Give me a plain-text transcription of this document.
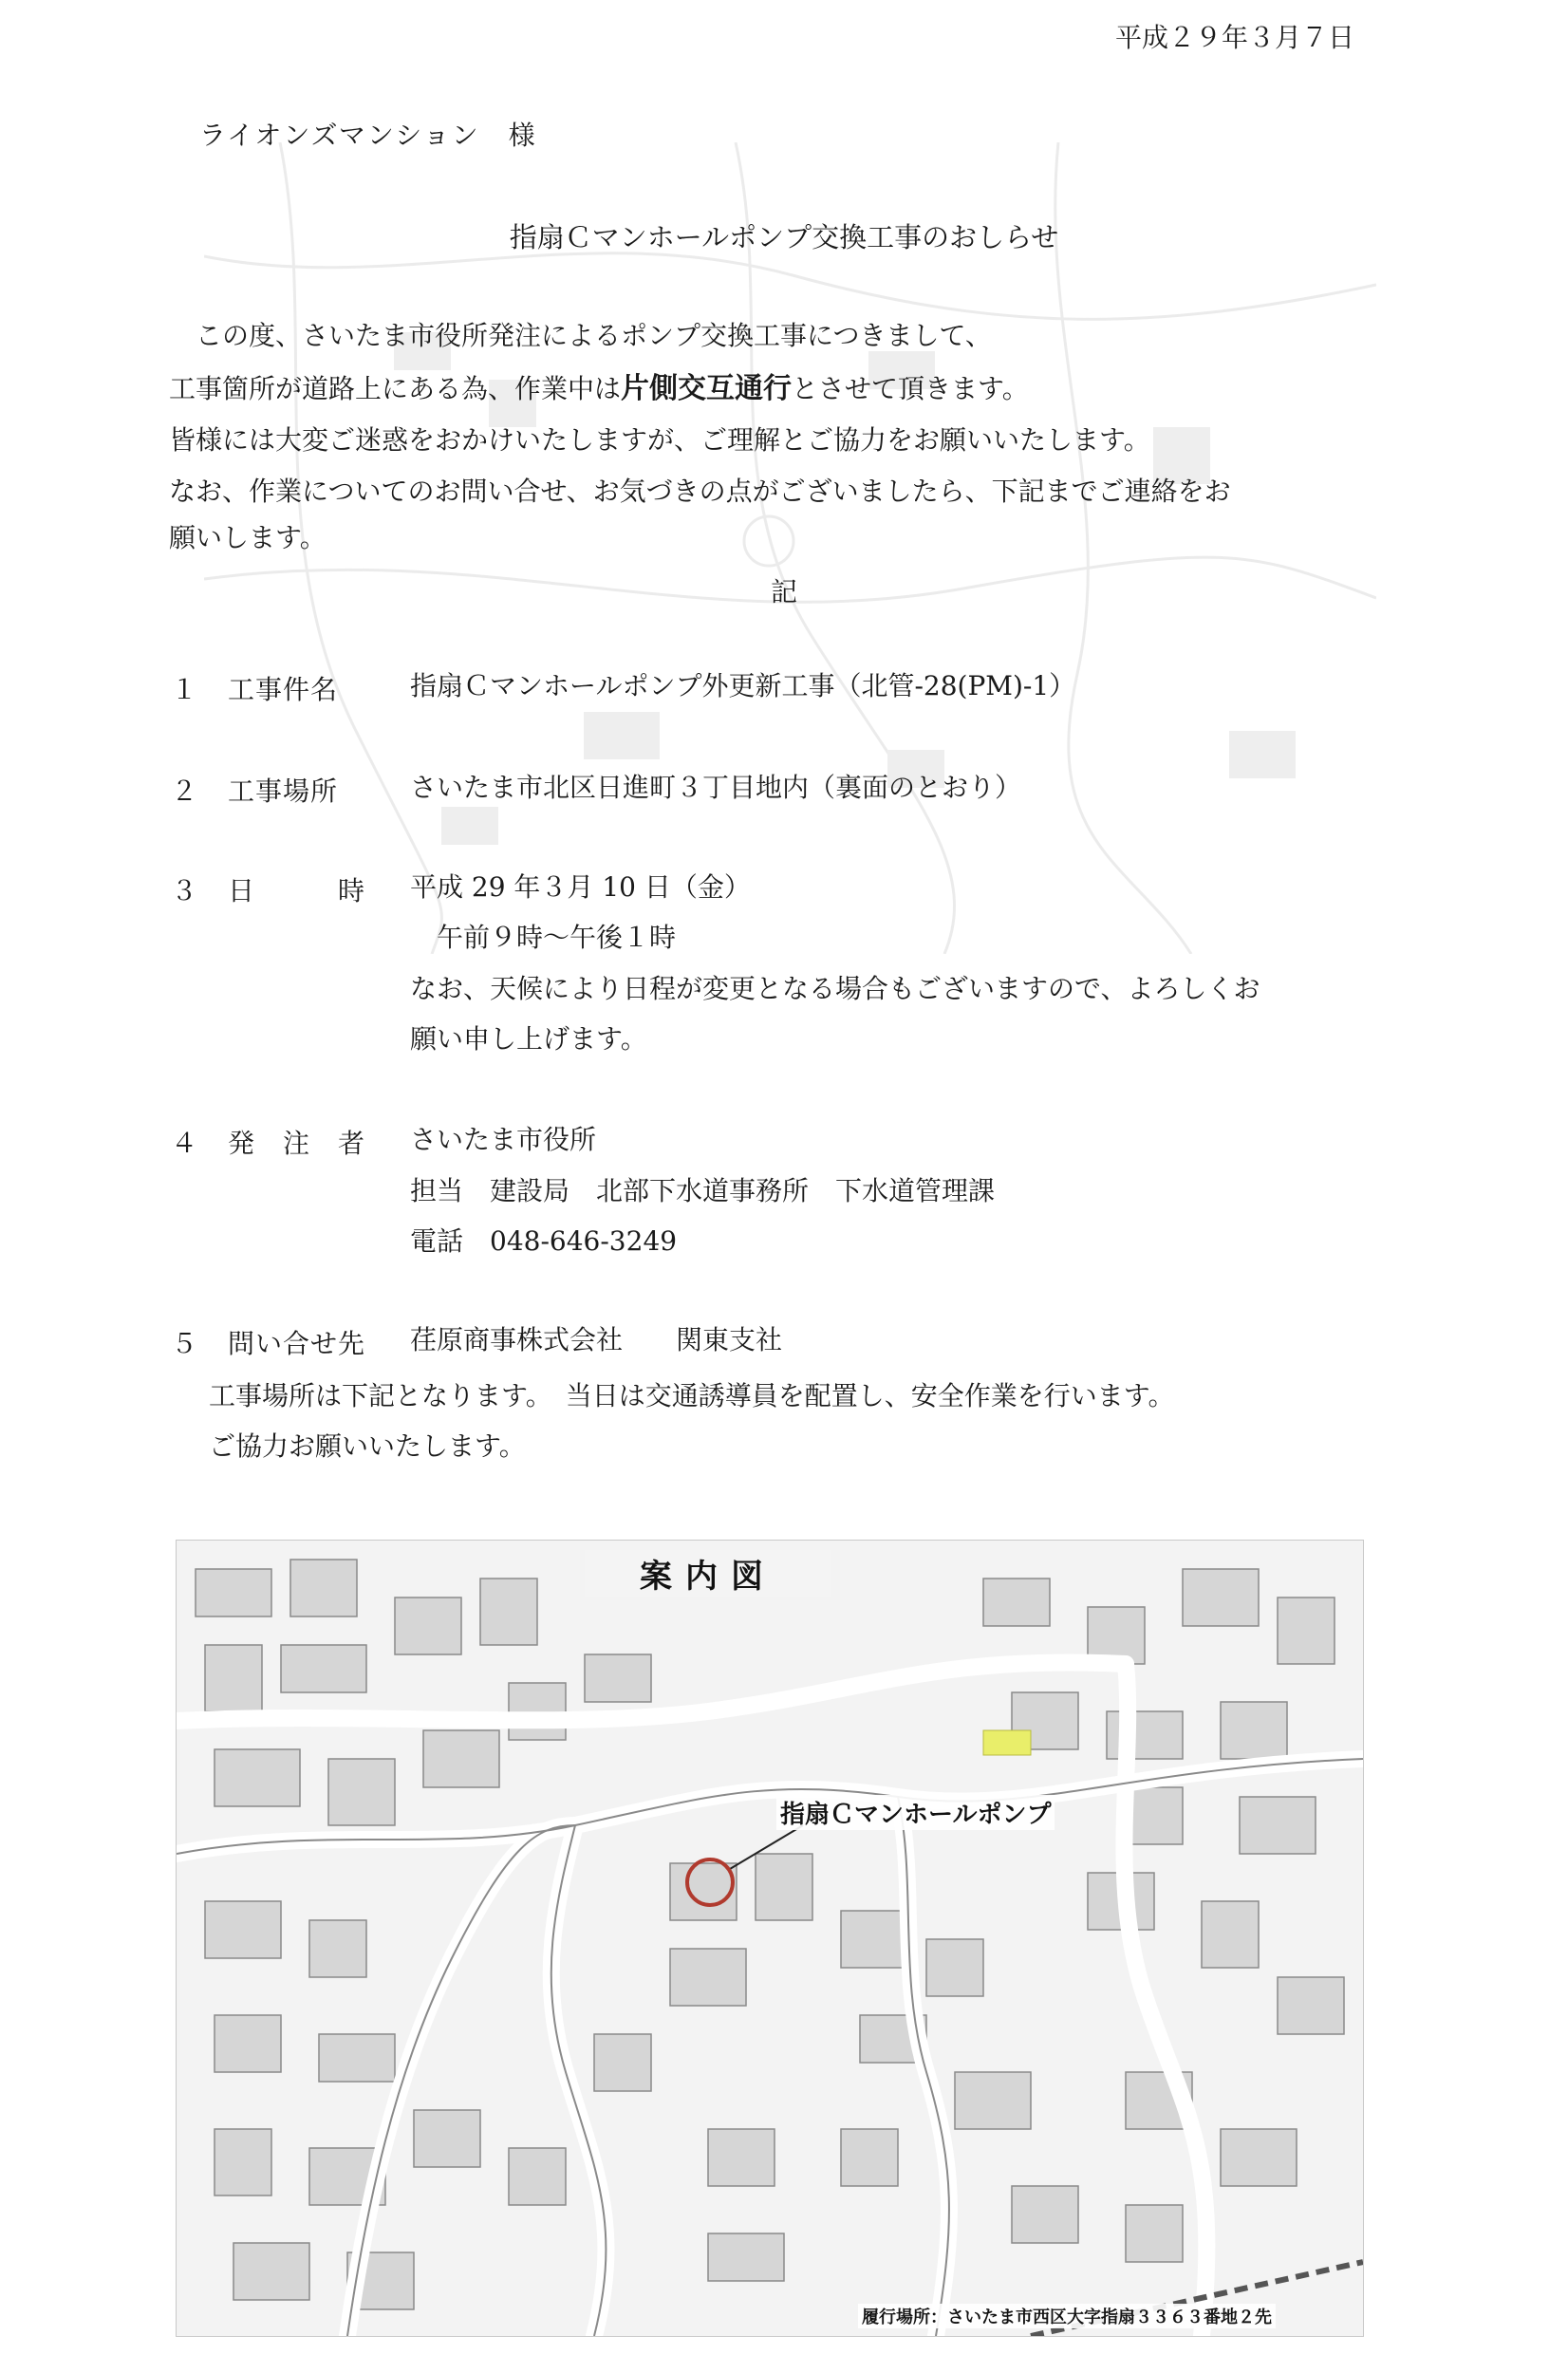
平成２９年３月７日
ライオンズマンション　様
指扇Ｃマンホールポンプ交換工事のおしらせ
この度、さいたま市役所発注によるポンプ交換工事につきまして、
工事箇所が道路上にある為、作業中は片側交互通行とさせて頂きます。
皆様には大変ご迷惑をおかけいたしますが、ご理解とご協力をお願いいたします。
なお、作業についてのお問い合せ、お気づきの点がございましたら、下記までご連絡をお
願いします。
記
１ 工事件名	指扇Ｃマンホールポンプ外更新工事（北管-28(PM)-1）
２ 工事場所	さいたま市北区日進町３丁目地内（裏面のとおり）
３ 日　　　時 平成 29 年３月 10 日（金）
午前９時～午後１時
なお、天候により日程が変更となる場合もございますので、よろしくお
願い申し上げます。
４ 発　注　者 さいたま市役所
担当　建設局　北部下水道事務所　下水道管理課
電話　048-646-3249
５ 問い合せ先 荏原商事株式会社　　関東支社
工事場所は下記となります。　当日は交通誘導員を配置し、安全作業を行います。
ご協力お願いいたします。
案内図
指扇Ｃマンホールポンプ
履行場所：さいたま市西区大字指扇３３６３番地２先
